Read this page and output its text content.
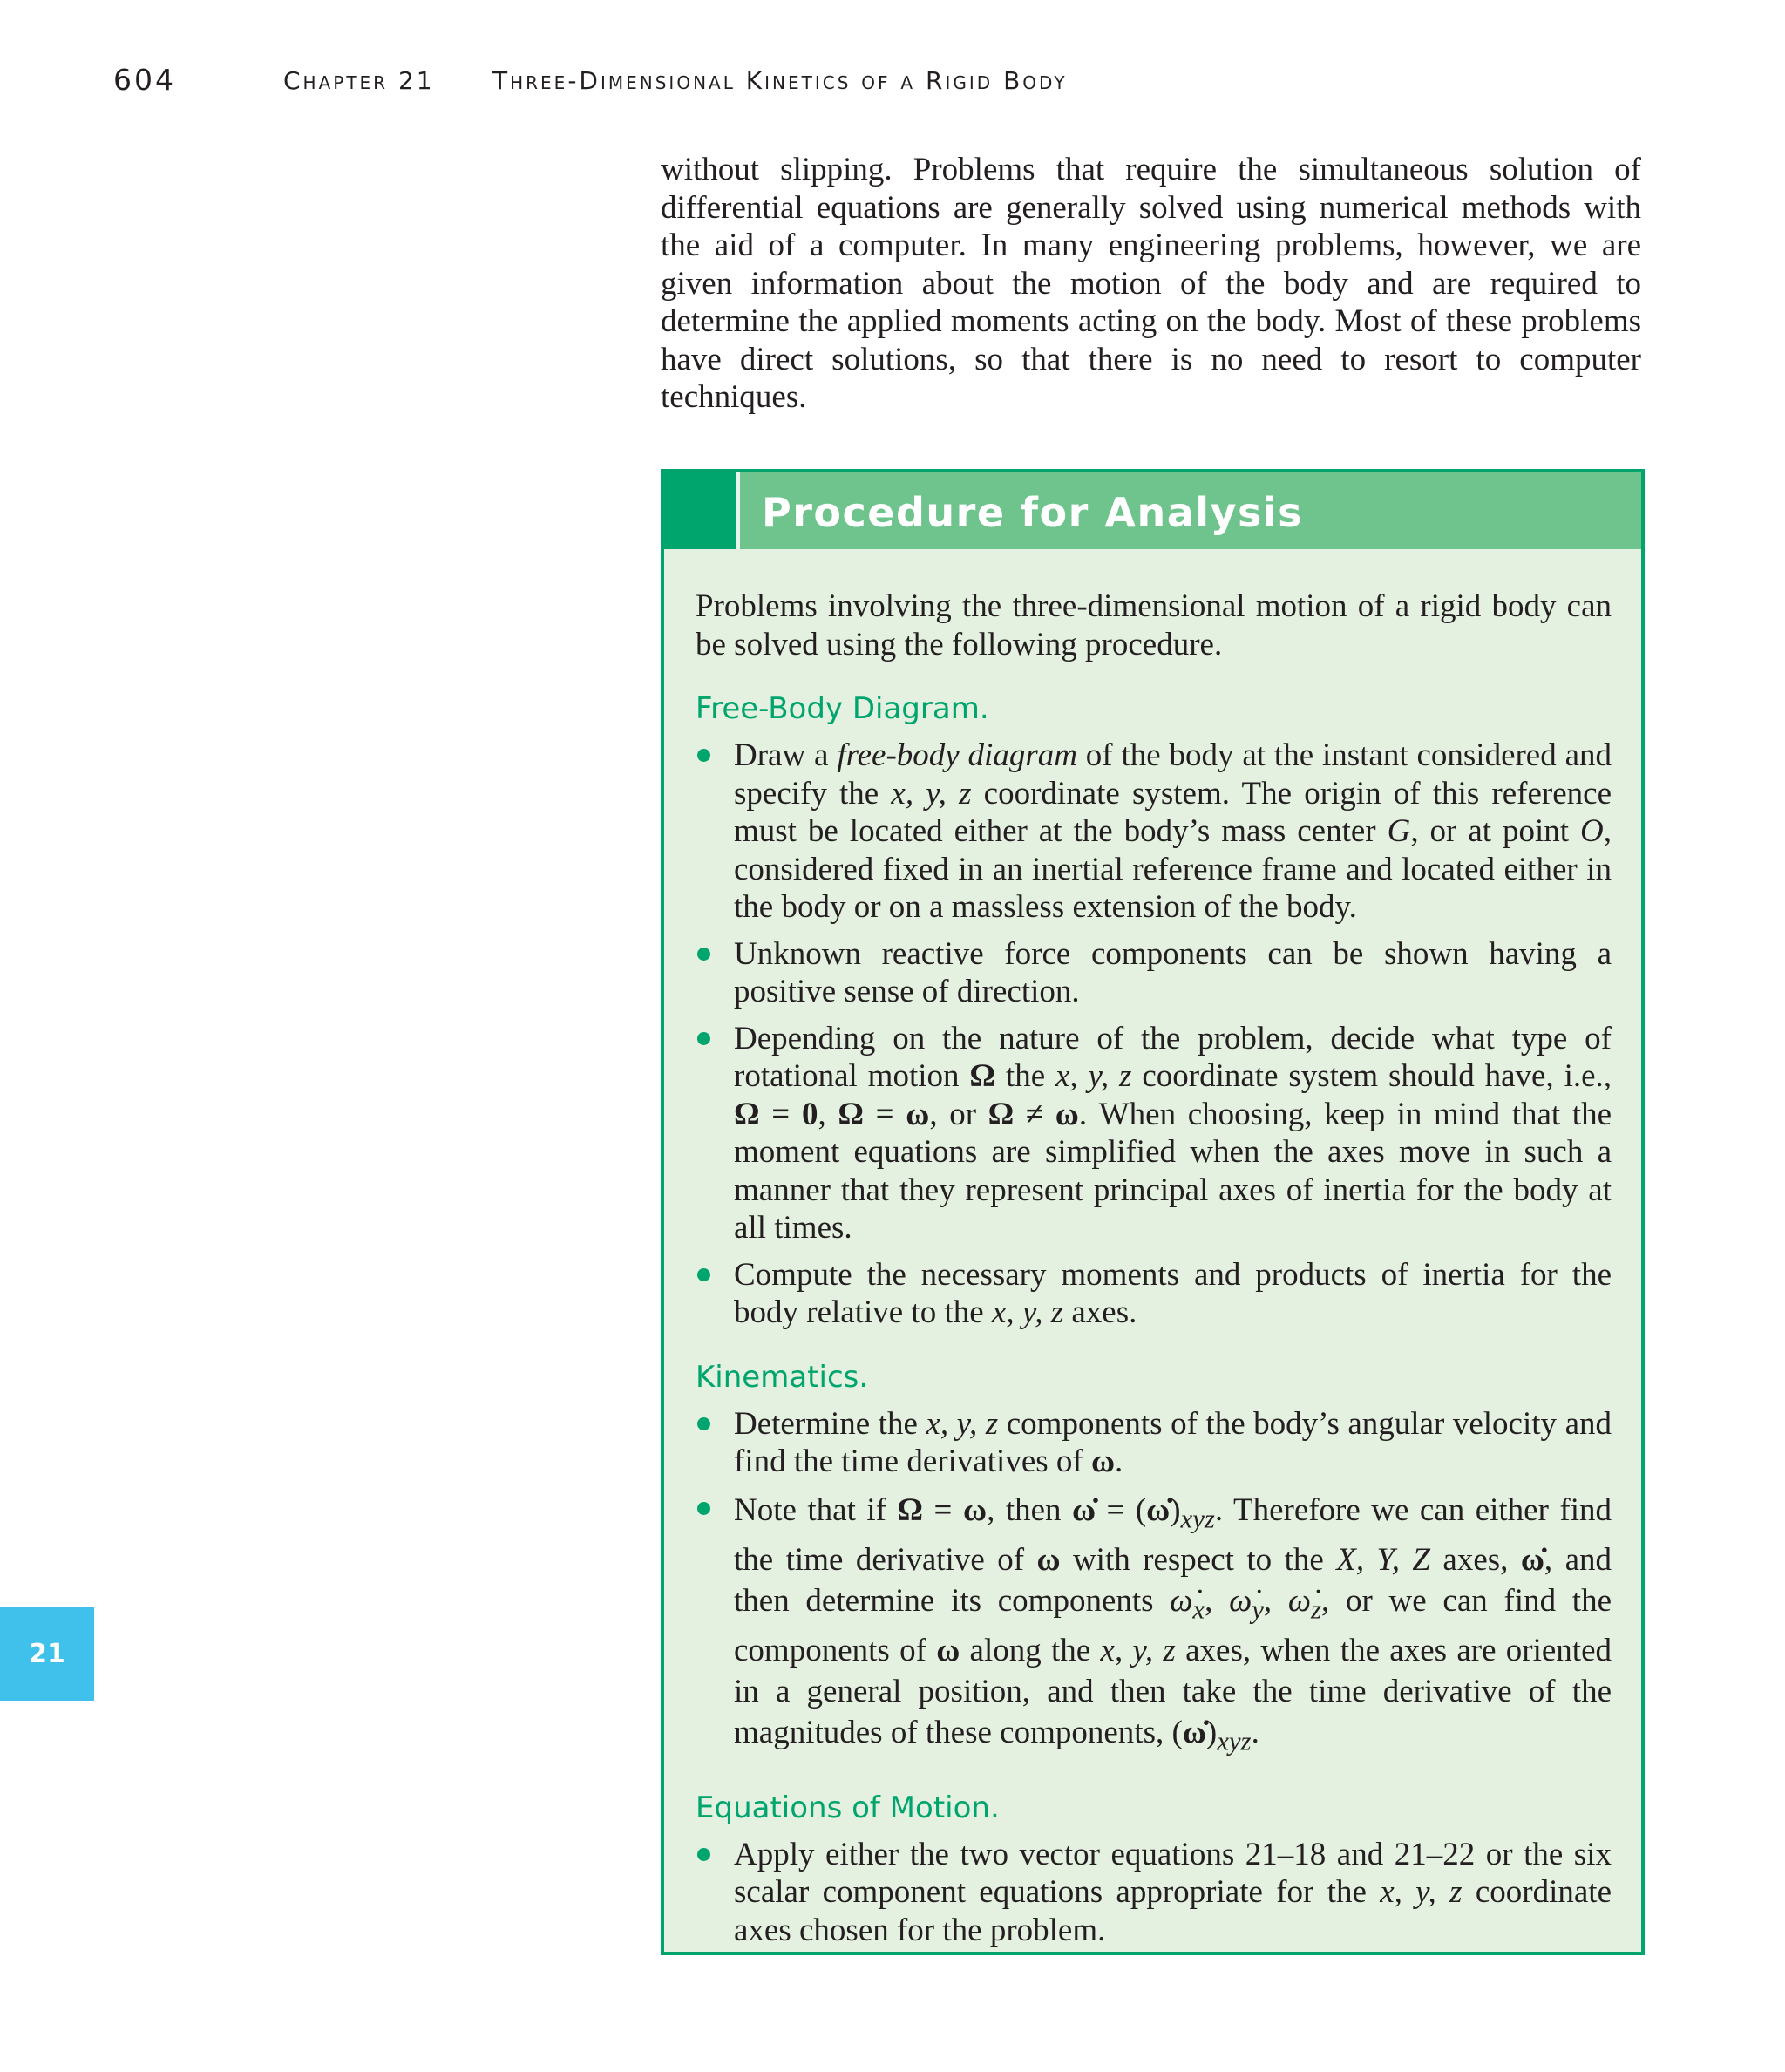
604	Chapter 21 Three-Dimensional Kinetics of a Rigid Body
21

without slipping. Problems that require the simultaneous solution of differential equations are generally solved using numerical methods with the aid of a computer. In many engineering problems, however, we are given information about the motion of the body and are required to determine the applied moments acting on the body. Most of these problems have direct solutions, so that there is no need to resort to computer techniques.

Procedure for Analysis

Problems involving the three-dimensional motion of a rigid body can be solved using the following procedure.

Free-Body Diagram.
Draw a free-body diagram of the body at the instant considered and specify the x, y, z coordinate system. The origin of this reference must be located either at the body’s mass center G, or at point O, considered fixed in an inertial reference frame and located either in the body or on a massless extension of the body.
Unknown reactive force components can be shown having a positive sense of direction.
Depending on the nature of the problem, decide what type of rotational motion Ω the x, y, z coordinate system should have, i.e., Ω = 0, Ω = ω, or Ω ≠ ω. When choosing, keep in mind that the moment equations are simplified when the axes move in such a manner that they represent principal axes of inertia for the body at all times.
Compute the necessary moments and products of inertia for the body relative to the x, y, z axes.
Kinematics.
Determine the x, y, z components of the body’s angular velocity and find the time derivatives of ω.
Note that if Ω = ω, then ω̇ = $(\omegȧ)_{xyz}$. Therefore we can either find the time derivative of ω with respect to the X, Y, Z axes, ω̇, and then determine its components $\omegȧ_x$, $\omegȧ_y$, $\omegȧ_z$, or we can find the components of ω along the x, y, z axes, when the axes are oriented in a general position, and then take the time derivative of the magnitudes of these components, $(\omegȧ)_{xyz}$.
Equations of Motion.
Apply either the two vector equations 21–18 and 21–22 or the six scalar component equations appropriate for the x, y, z coordinate axes chosen for the problem.
